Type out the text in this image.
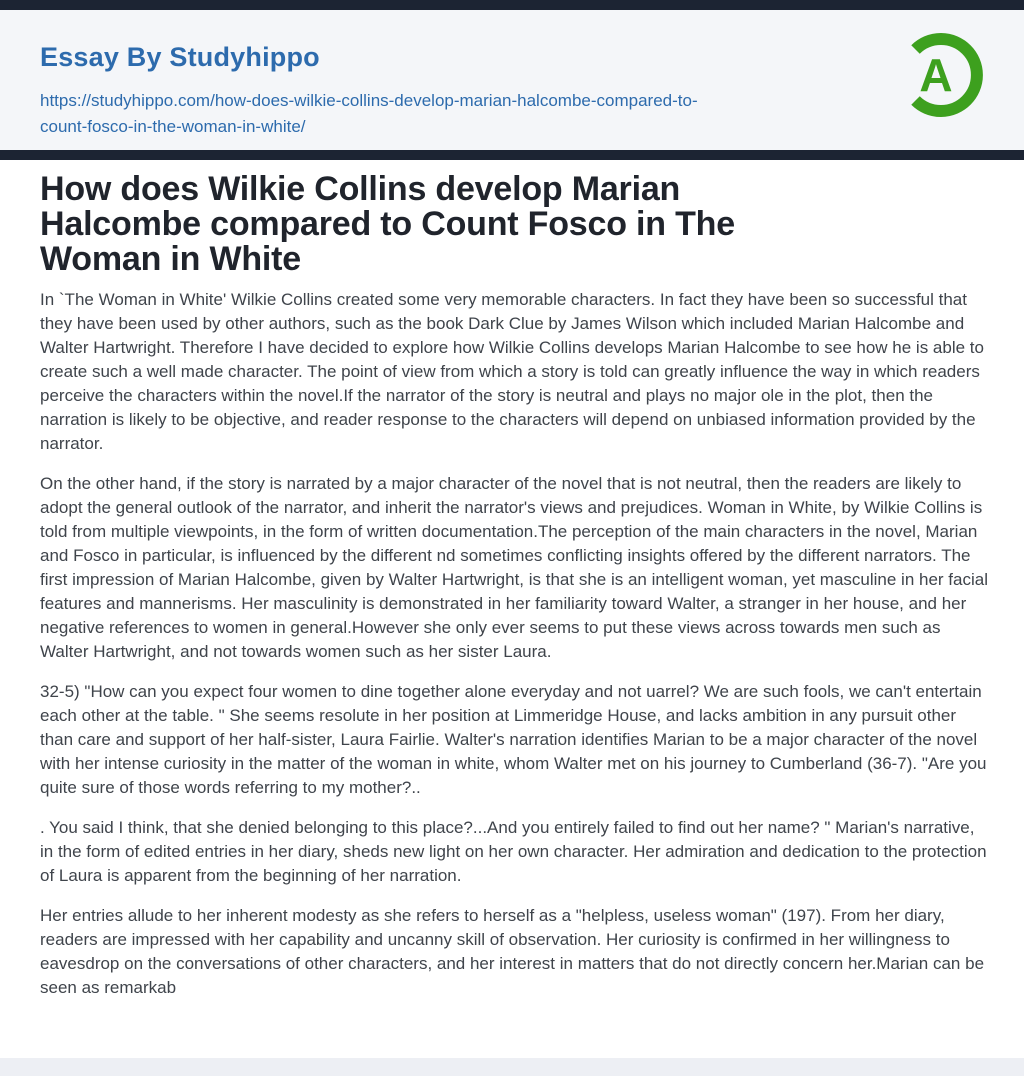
Essay By Studyhippo
https://studyhippo.com/how-does-wilkie-collins-develop-marian-halcombe-compared-to-
count-fosco-in-the-woman-in-white/
A
How does Wilkie Collins develop Marian
Halcombe compared to Count Fosco in The
Woman in White

In `The Woman in White' Wilkie Collins created some very memorable characters. In fact they have been so successful that they have been used by other authors, such as the book Dark Clue by James Wilson which included Marian Halcombe and Walter Hartwright. Therefore I have decided to explore how Wilkie Collins develops Marian Halcombe to see how he is able to create such a well made character. The point of view from which a story is told can greatly influence the way in which readers perceive the characters within the novel.If the narrator of the story is neutral and plays no major ole in the plot, then the narration is likely to be objective, and reader response to the characters will depend on unbiased information provided by the narrator.

On the other hand, if the story is narrated by a major character of the novel that is not neutral, then the readers are likely to adopt the general outlook of the narrator, and inherit the narrator's views and prejudices. Woman in White, by Wilkie Collins is told from multiple viewpoints, in the form of written documentation.The perception of the main characters in the novel, Marian and Fosco in particular, is influenced by the different nd sometimes conflicting insights offered by the different narrators. The first impression of Marian Halcombe, given by Walter Hartwright, is that she is an intelligent woman, yet masculine in her facial features and mannerisms. Her masculinity is demonstrated in her familiarity toward Walter, a stranger in her house, and her negative references to women in general.However she only ever seems to put these views across towards men such as Walter Hartwright, and not towards women such as her sister Laura.

32-5) "How can you expect four women to dine together alone everyday and not uarrel? We are such fools, we can't entertain each other at the table. " She seems resolute in her position at Limmeridge House, and lacks ambition in any pursuit other than care and support of her half-sister, Laura Fairlie. Walter's narration identifies Marian to be a major character of the novel with her intense curiosity in the matter of the woman in white, whom Walter met on his journey to Cumberland (36-7). "Are you quite sure of those words referring to my mother?..

. You said I think, that she denied belonging to this place?...And you entirely failed to find out her name? " Marian's narrative, in the form of edited entries in her diary, sheds new light on her own character. Her admiration and dedication to the protection of Laura is apparent from the beginning of her narration.

Her entries allude to her inherent modesty as she refers to herself as a "helpless, useless woman" (197). From her diary, readers are impressed with her capability and uncanny skill of observation. Her curiosity is confirmed in her willingness to eavesdrop on the conversations of other characters, and her interest in matters that do not directly concern her.Marian can be seen as remarkab
